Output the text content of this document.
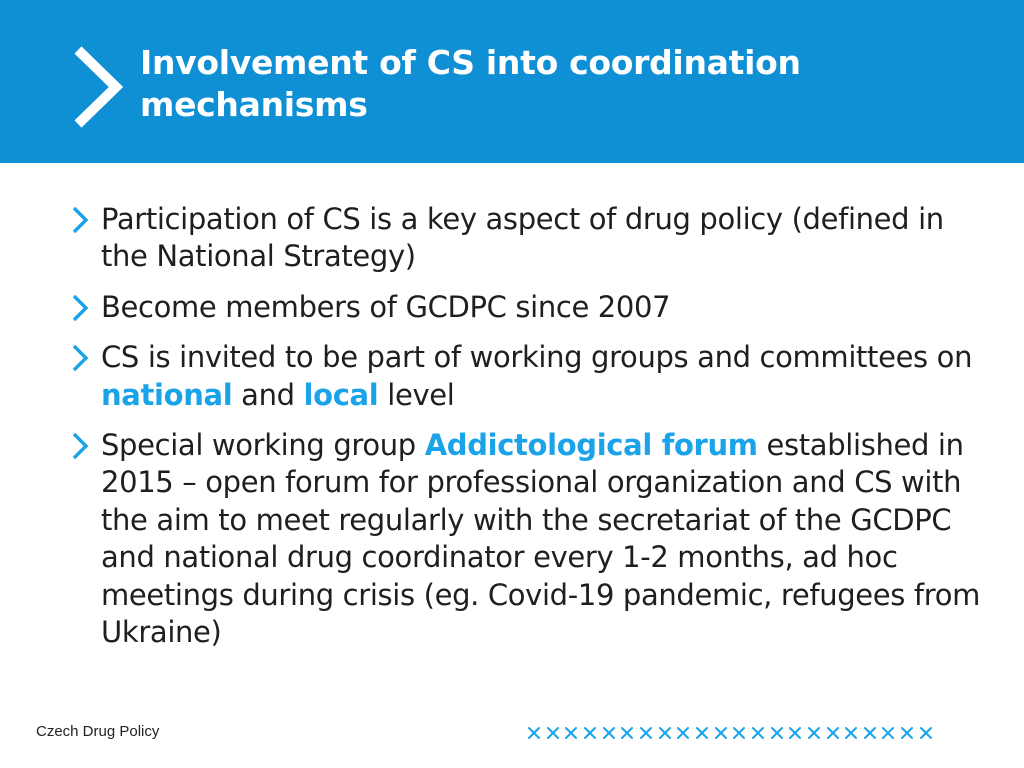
Involvement of CS into coordination mechanisms
Participation of CS is a key aspect of drug policy (defined in the National Strategy)
Become members of GCDPC since 2007
CS is invited to be part of working groups and committees on national and local level
Special working group Addictological forum established in 2015 – open forum for professional organization and CS with the aim to meet regularly with the secretariat of the GCDPC and national drug coordinator every 1-2 months, ad hoc meetings during crisis (eg. Covid-19 pandemic, refugees from Ukraine)
Czech Drug Policy
